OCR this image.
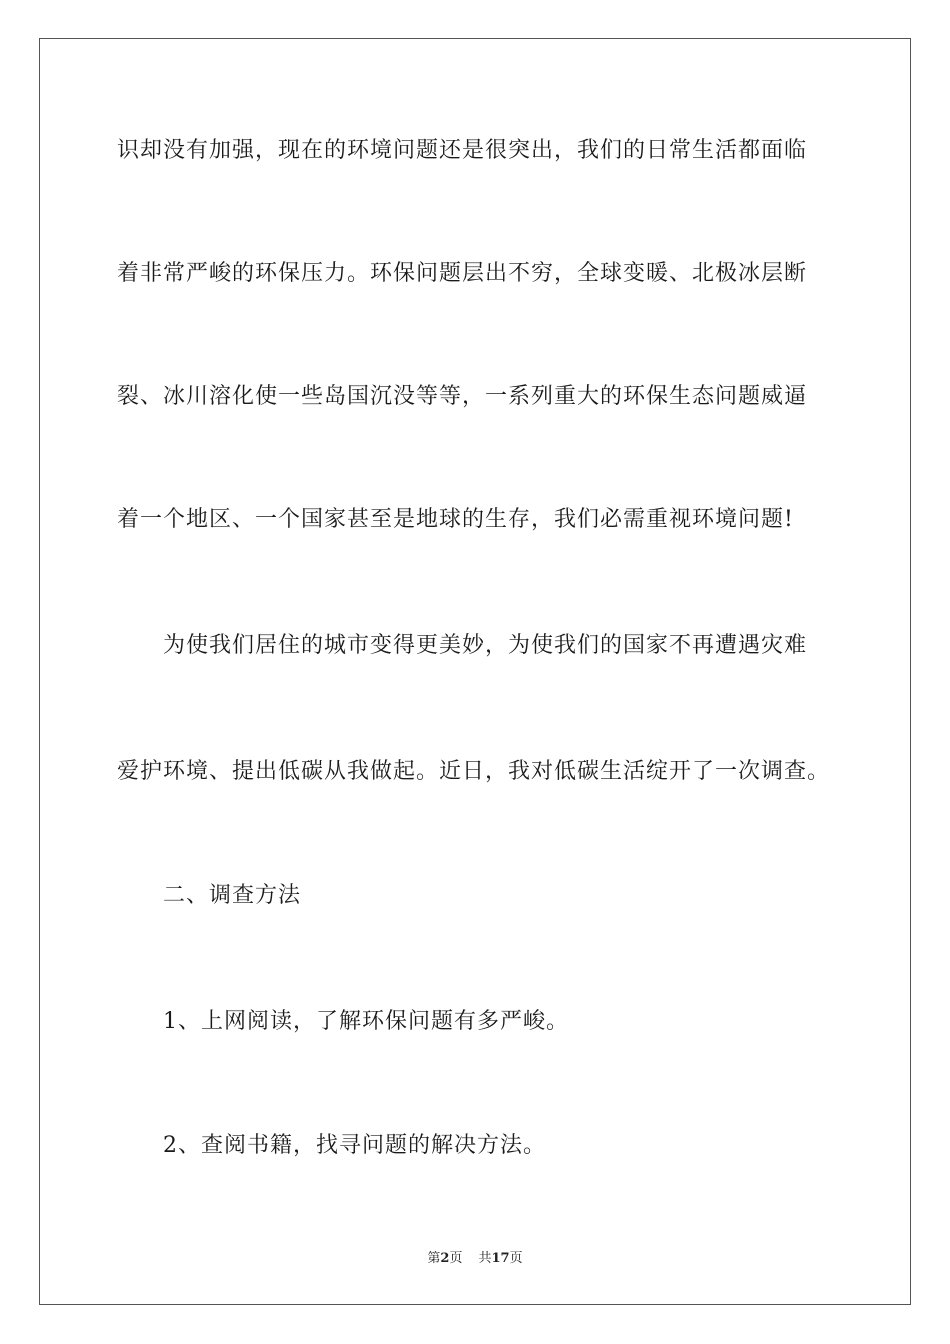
识却没有加强，现在的环境问题还是很突出，我们的日常生活都面临
着非常严峻的环保压力。环保问题层出不穷，全球变暖、北极冰层断
裂、冰川溶化使一些岛国沉没等等，一系列重大的环保生态问题威逼
着一个地区、一个国家甚至是地球的生存，我们必需重视环境问题!
为使我们居住的城市变得更美妙，为使我们的国家不再遭遇灾难
爱护环境、提出低碳从我做起。近日，我对低碳生活绽开了一次调查。
二、调查方法
1、上网阅读，了解环保问题有多严峻。
2、查阅书籍，找寻问题的解决方法。
第2页 共17页
